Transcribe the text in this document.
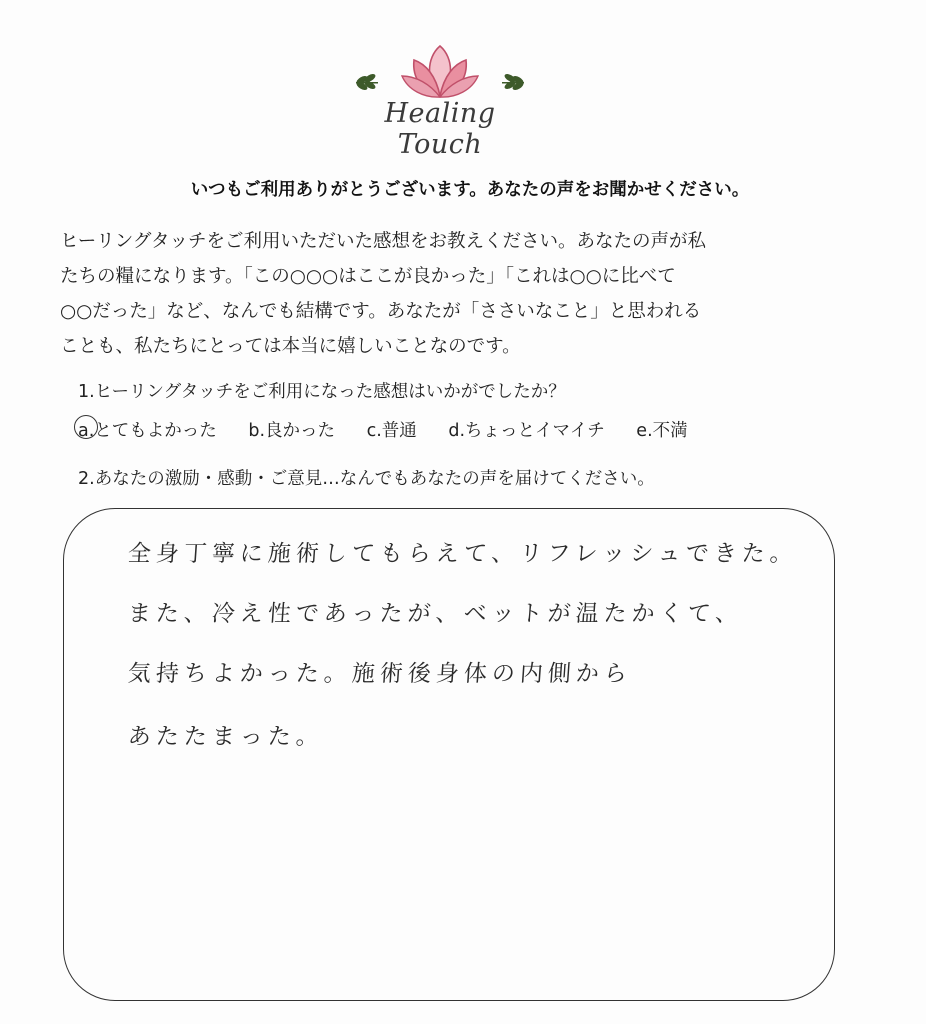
Healing Touch
いつもご利用ありがとうございます。あなたの声をお聞かせください。
ヒーリングタッチをご利用いただいた感想をお教えください。あなたの声が私
たちの糧になります。「この○○○はここが良かった」「これは○○に比べて
○○だった」など、なんでも結構です。あなたが「ささいなこと」と思われる
ことも、私たちにとっては本当に嬉しいことなのです。
1.ヒーリングタッチをご利用になった感想はいかがでしたか？
a.とてもよかった b.良かった c.普通 d.ちょっとイマイチ e.不満
2.あなたの激励・感動・ご意見…なんでもあなたの声を届けてください。
全身丁寧に施術してもらえて、リフレッシュできた。
また、冷え性であったが、ベットが温たかくて、
気持ちよかった。施術後身体の内側から
あたたまった。
